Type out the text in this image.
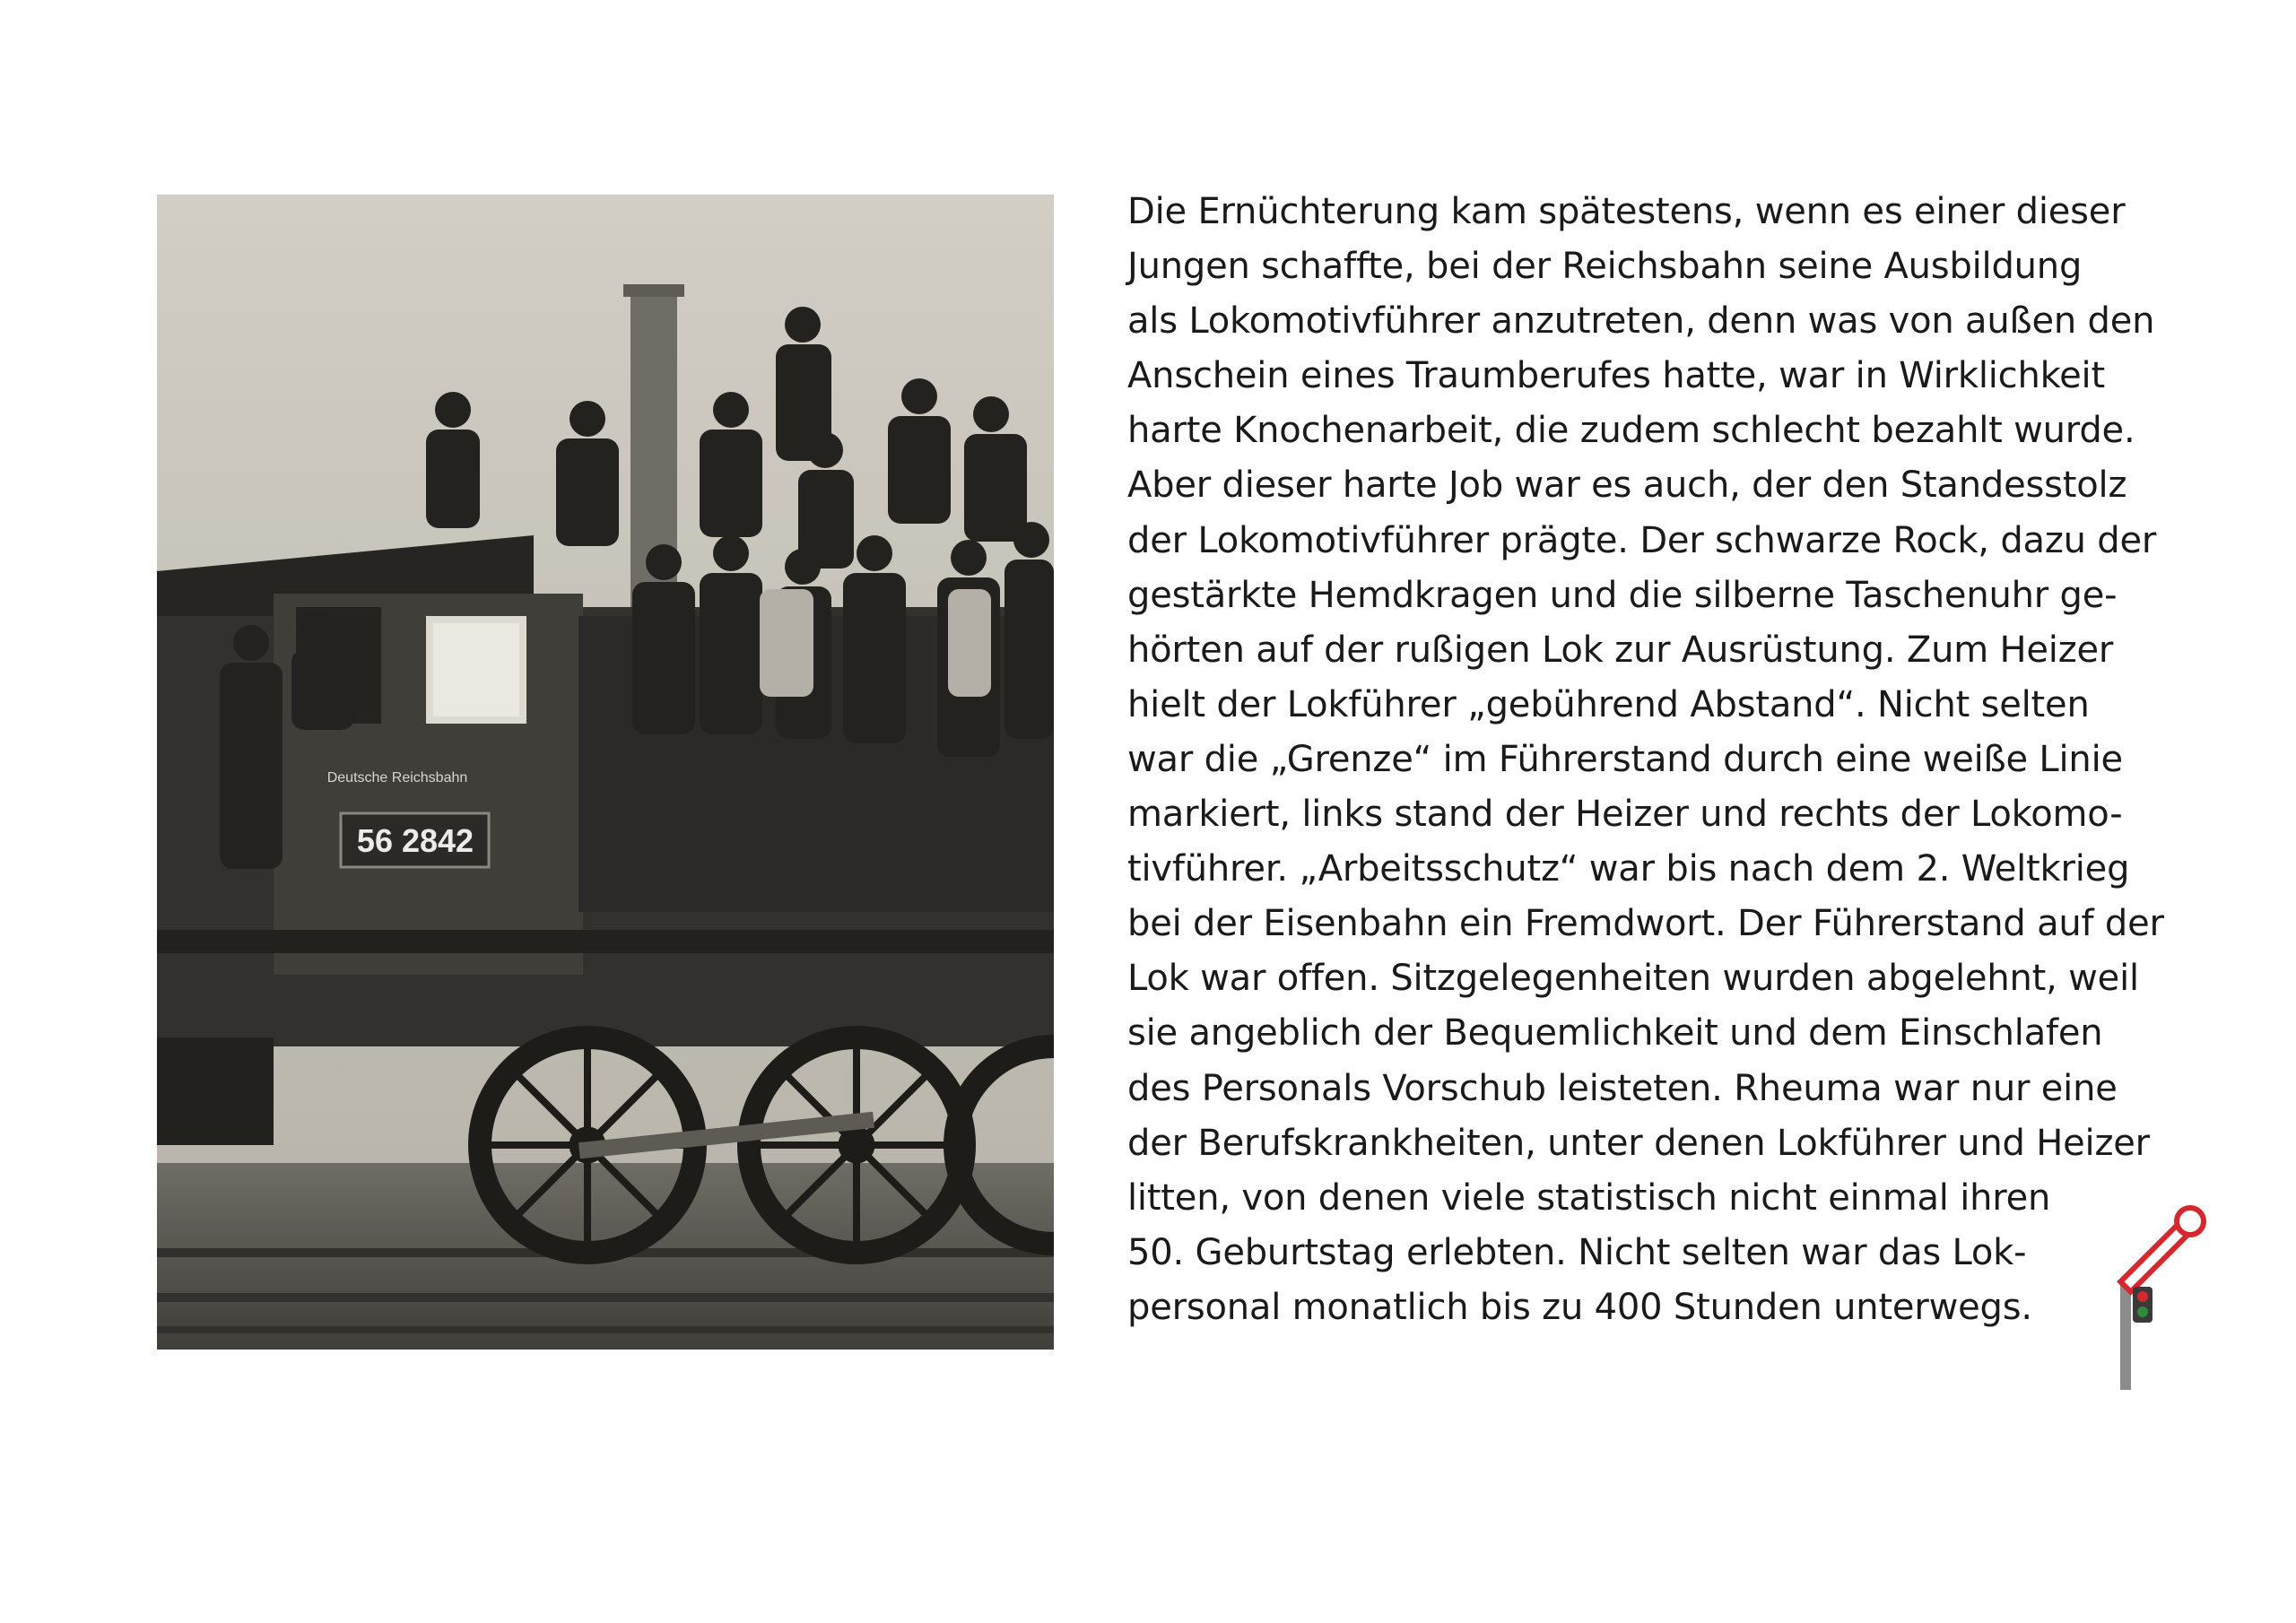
Deutsche Reichsbahn
56 2842
Die Ernüchterung kam spätestens, wenn es einer dieser
Jungen schaffte, bei der Reichsbahn seine Ausbildung
als Lokomotivführer anzutreten, denn was von außen den
Anschein eines Traumberufes hatte, war in Wirklichkeit
harte Knochenarbeit, die zudem schlecht bezahlt wurde.
Aber dieser harte Job war es auch, der den Standesstolz
der Lokomotivführer prägte. Der schwarze Rock, dazu der
gestärkte Hemdkragen und die silberne Taschenuhr ge-
hörten auf der rußigen Lok zur Ausrüstung. Zum Heizer
hielt der Lokführer „gebührend Abstand“. Nicht selten
war die „Grenze“ im Führerstand durch eine weiße Linie
markiert, links stand der Heizer und rechts der Lokomo-
tivführer. „Arbeitsschutz“ war bis nach dem 2. Weltkrieg
bei der Eisenbahn ein Fremdwort. Der Führerstand auf der
Lok war offen. Sitzgelegenheiten wurden abgelehnt, weil
sie angeblich der Bequemlichkeit und dem Einschlafen
des Personals Vorschub leisteten. Rheuma war nur eine
der Berufskrankheiten, unter denen Lokführer und Heizer
litten, von denen viele statistisch nicht einmal ihren
50. Geburtstag erlebten. Nicht selten war das Lok-
personal monatlich bis zu 400 Stunden unterwegs.
